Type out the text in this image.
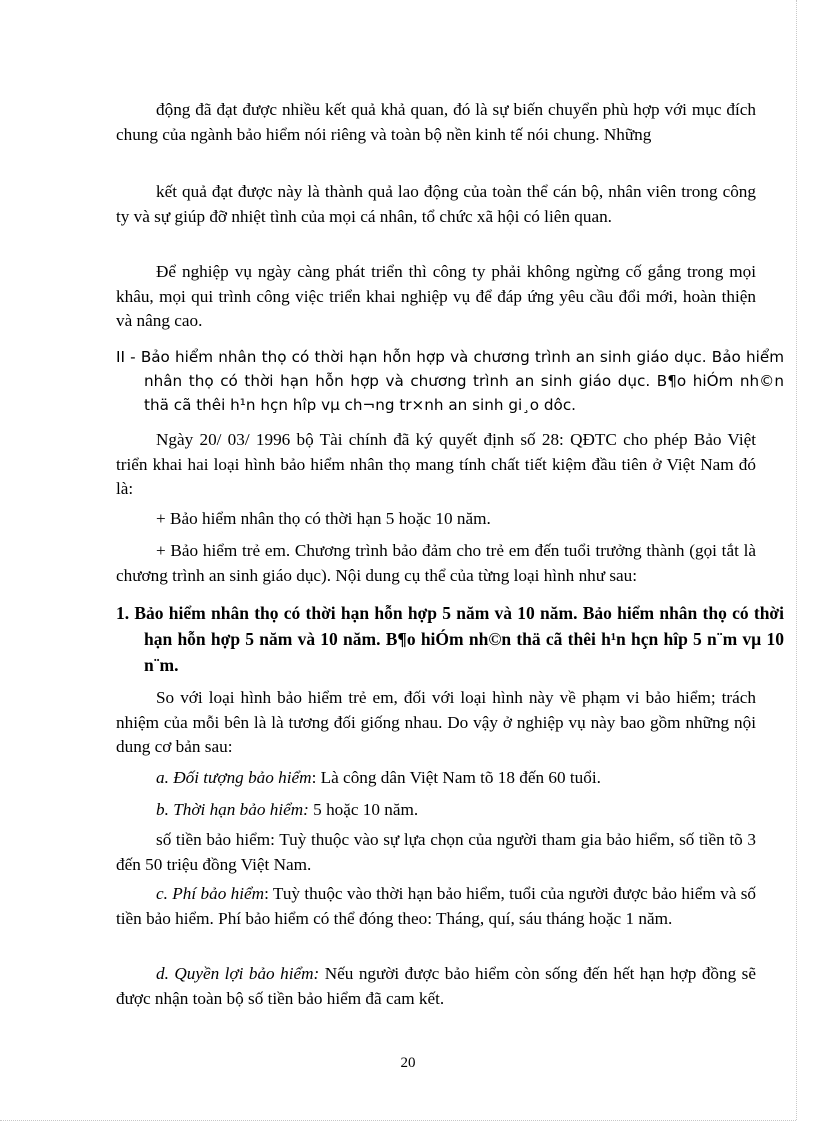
động đã đạt được nhiều kết quả khả quan, đó là sự biến chuyển phù hợp với mục đích chung của ngành bảo hiểm nói riêng và toàn bộ nền kinh tế nói chung. Những

kết quả đạt được này là thành quả lao động của toàn thể cán bộ, nhân viên trong công ty và sự giúp đỡ nhiệt tình của mọi cá nhân, tổ chức xã hội có liên quan.

Để nghiệp vụ ngày càng phát triển thì công ty phải không ngừng cố gắng trong mọi khâu, mọi qui trình công việc triển khai nghiệp vụ để đáp ứng yêu cầu đổi mới, hoàn thiện và nâng cao.

II - Bảo hiểm nhân thọ có thời hạn hỗn hợp và chương trình an sinh giáo dục. Bảo hiểm nhân thọ có thời hạn hỗn hợp và chương trình an sinh giáo dục. B¶o hiÓm nh©n thä cã thêi h¹n hçn hîp vµ ch¬ng tr×nh an sinh gi¸o dôc.

Ngày 20/ 03/ 1996 bộ Tài chính đã ký quyết định số 28: QĐTC cho phép Bảo Việt triển khai hai loại hình bảo hiểm nhân thọ mang tính chất tiết kiệm đầu tiên ở Việt Nam đó là:

+ Bảo hiểm nhân thọ có thời hạn 5 hoặc 10 năm.

+ Bảo hiểm trẻ em. Chương trình bảo đảm cho trẻ em đến tuổi trưởng thành (gọi tắt là chương trình an sinh giáo dục). Nội dung cụ thể của từng loại hình như sau:

1. Bảo hiểm nhân thọ có thời hạn hỗn hợp 5 năm và 10 năm. Bảo hiểm nhân thọ có thời hạn hỗn hợp 5 năm và 10 năm. B¶o hiÓm nh©n thä cã thêi h¹n hçn hîp 5 n¨m vµ 10 n¨m.

So với loại hình bảo hiểm trẻ em, đối với loại hình này về phạm vi bảo hiểm; trách nhiệm của mỗi bên là là tương đối giống nhau. Do vậy ở nghiệp vụ này bao gồm những nội dung cơ bản sau:

a. Đối tượng bảo hiểm: Là công dân Việt Nam tõ 18 đến 60 tuổi.

b. Thời hạn bảo hiểm: 5 hoặc 10 năm.

số tiền bảo hiểm: Tuỳ thuộc vào sự lựa chọn của người tham gia bảo hiểm, số tiền tõ 3 đến 50 triệu đồng Việt Nam.

c. Phí bảo hiểm: Tuỳ thuộc vào thời hạn bảo hiểm, tuổi của người được bảo hiểm và số tiền bảo hiểm. Phí bảo hiểm có thể đóng theo: Tháng, quí, sáu tháng hoặc 1 năm.

d. Quyền lợi bảo hiểm: Nếu người được bảo hiểm còn sống đến hết hạn hợp đồng sẽ được nhận toàn bộ số tiền bảo hiểm đã cam kết.

20
